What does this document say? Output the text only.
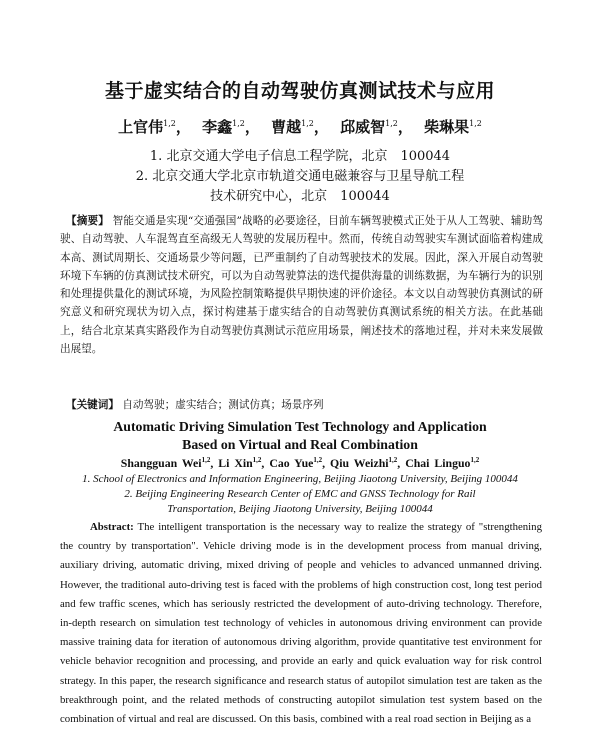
基于虚实结合的自动驾驶仿真测试技术与应用
上官伟$^{1,2}$， 李鑫$^{1,2}$， 曹越$^{1,2}$， 邱威智$^{1,2}$， 柴琳果$^{1,2}$
1. 北京交通大学电子信息工程学院，北京　100044
2. 北京交通大学北京市轨道交通电磁兼容与卫星导航工程
技术研究中心，北京　100044
【摘要】 智能交通是实现“交通强国”战略的必要途径，目前车辆驾驶模式正处于从人工驾驶、辅助驾驶、自动驾驶、人车混驾直至高级无人驾驶的发展历程中。然而，传统自动驾驶实车测试面临着构建成本高、测试周期长、交通场景少等问题，已严重制约了自动驾驶技术的发展。因此，深入开展自动驾驶环境下车辆的仿真测试技术研究，可以为自动驾驶算法的迭代提供海量的训练数据，为车辆行为的识别和处理提供量化的测试环境，为风险控制策略提供早期快速的评价途径。本文以自动驾驶仿真测试的研究意义和研究现状为切入点，探讨构建基于虚实结合的自动驾驶仿真测试系统的相关方法。在此基础上，结合北京某真实路段作为自动驾驶仿真测试示范应用场景，阐述技术的落地过程，并对未来发展做出展望。
【关键词】 自动驾驶；虚实结合；测试仿真；场景序列
Automatic Driving Simulation Test Technology and Application
Based on Virtual and Real Combination
Shangguan Wei$^{1,2}$, Li Xin$^{1,2}$, Cao Yue$^{1,2}$, Qiu Weizhi$^{1,2}$, Chai Linguo$^{1,2}$
1. School of Electronics and Information Engineering, Beijing Jiaotong University, Beijing 100044
2. Beijing Engineering Research Center of EMC and GNSS Technology for Rail
Transportation, Beijing Jiaotong University, Beijing 100044
Abstract: The intelligent transportation is the necessary way to realize the strategy of "strengthening the country by transportation". Vehicle driving mode is in the development process from manual driving, auxiliary driving, automatic driving, mixed driving of people and vehicles to advanced unmanned driving. However, the traditional auto-driving test is faced with the problems of high construction cost, long test period and few traffic scenes, which has seriously restricted the development of auto-driving technology. Therefore, in-depth research on simulation test technology of vehicles in autonomous driving environment can provide massive training data for iteration of autonomous driving algorithm, provide quantitative test environment for vehicle behavior recognition and processing, and provide an early and quick evaluation way for risk control strategy. In this paper, the research significance and research status of autopilot simulation test are taken as the breakthrough point, and the related methods of constructing autopilot simulation test system based on the combination of virtual and real are discussed. On this basis, combined with a real road section in Beijing as a
